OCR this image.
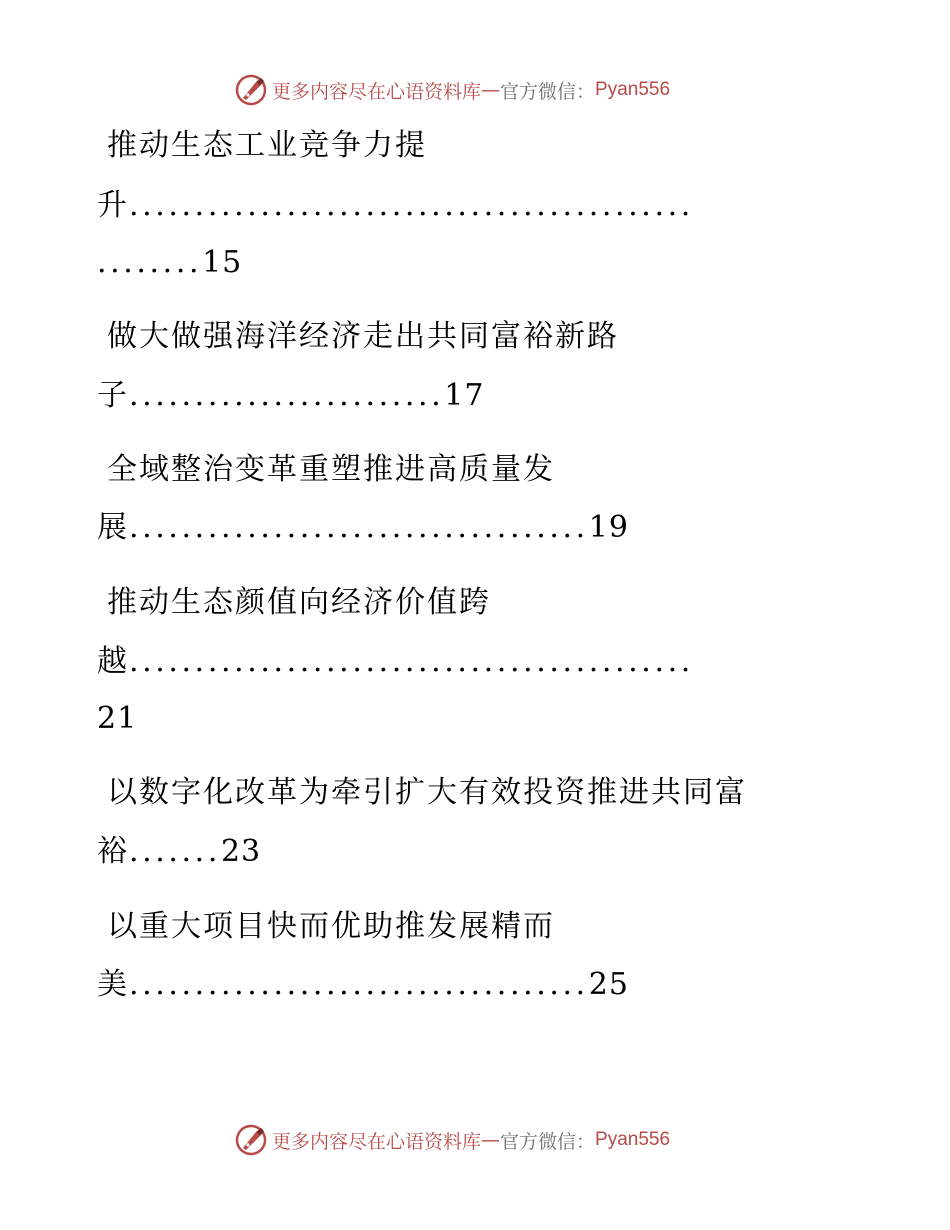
更多内容尽在心语资料库 — 官方微信： Pyan556
推动生态工业竞争力提
升...........................................
........15
做大做强海洋经济走出共同富裕新路
子........................17
全域整治变革重塑推进高质量发
展...................................19
推动生态颜值向经济价值跨
越...........................................
21
以数字化改革为牵引扩大有效投资推进共同富
裕.......23
以重大项目快而优助推发展精而
美...................................25
更多内容尽在心语资料库 — 官方微信： Pyan556
